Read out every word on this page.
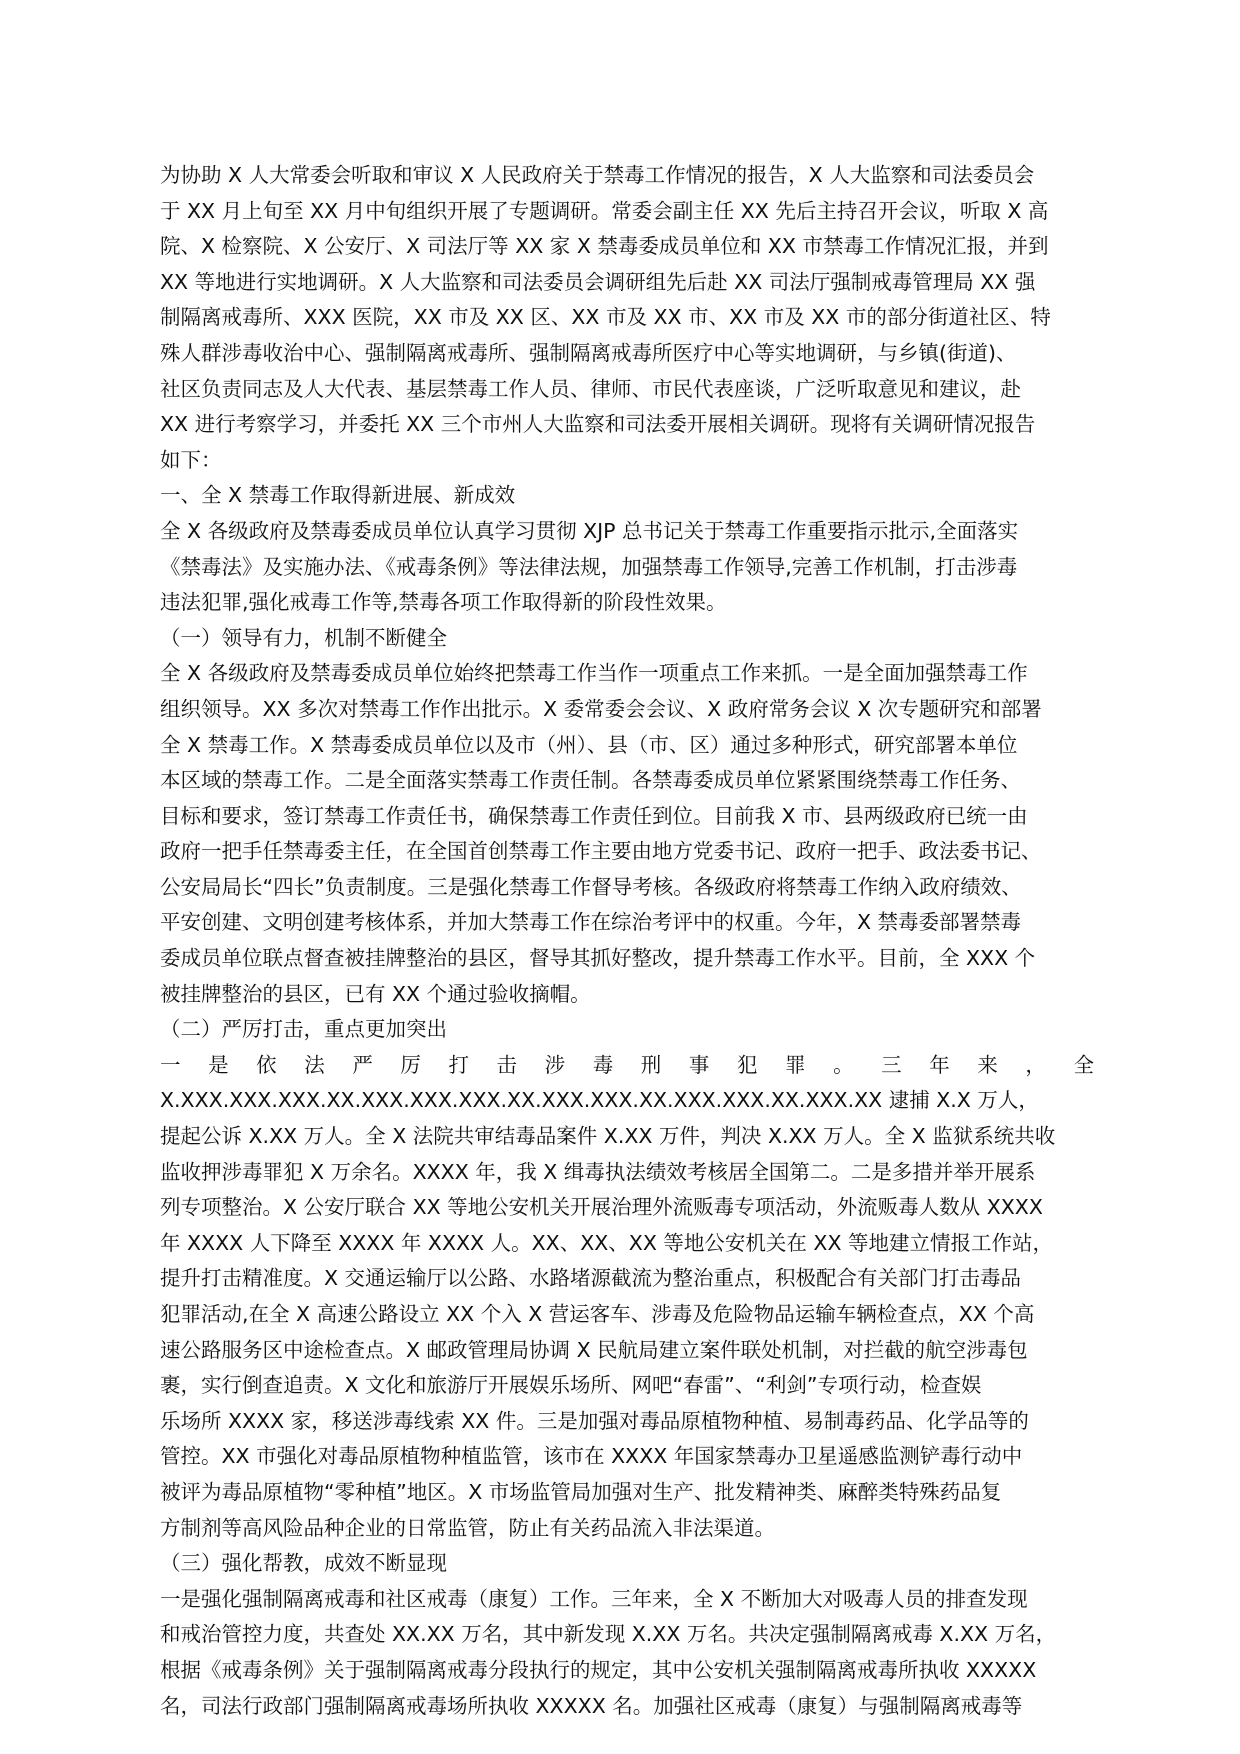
为协助 X 人大常委会听取和审议 X 人民政府关于禁毒工作情况的报告，X 人大监察和司法委员会
于 XX 月上旬至 XX 月中旬组织开展了专题调研。常委会副主任 XX 先后主持召开会议，听取 X 高
院、X 检察院、X 公安厅、X 司法厅等 XX 家 X 禁毒委成员单位和 XX 市禁毒工作情况汇报，并到
XX 等地进行实地调研。X 人大监察和司法委员会调研组先后赴 XX 司法厅强制戒毒管理局 XX 强
制隔离戒毒所、XXX 医院，XX 市及 XX 区、XX 市及 XX 市、XX 市及 XX 市的部分街道社区、特
殊人群涉毒收治中心、强制隔离戒毒所、强制隔离戒毒所医疗中心等实地调研，与乡镇(街道)、
社区负责同志及人大代表、基层禁毒工作人员、律师、市民代表座谈，广泛听取意见和建议，赴
XX 进行考察学习，并委托 XX 三个市州人大监察和司法委开展相关调研。现将有关调研情况报告
如下：
一、全 X 禁毒工作取得新进展、新成效
全 X 各级政府及禁毒委成员单位认真学习贯彻 XJP 总书记关于禁毒工作重要指示批示,全面落实
《禁毒法》及实施办法、《戒毒条例》等法律法规，加强禁毒工作领导,完善工作机制，打击涉毒
违法犯罪,强化戒毒工作等,禁毒各项工作取得新的阶段性效果。
（一）领导有力，机制不断健全
全 X 各级政府及禁毒委成员单位始终把禁毒工作当作一项重点工作来抓。一是全面加强禁毒工作
组织领导。XX 多次对禁毒工作作出批示。X 委常委会会议、X 政府常务会议 X 次专题研究和部署
全 X 禁毒工作。X 禁毒委成员单位以及市（州）、县（市、区）通过多种形式，研究部署本单位
本区域的禁毒工作。二是全面落实禁毒工作责任制。各禁毒委成员单位紧紧围绕禁毒工作任务、
目标和要求，签订禁毒工作责任书，确保禁毒工作责任到位。目前我 X 市、县两级政府已统一由
政府一把手任禁毒委主任，在全国首创禁毒工作主要由地方党委书记、政府一把手、政法委书记、
公安局局长“四长”负责制度。三是强化禁毒工作督导考核。各级政府将禁毒工作纳入政府绩效、
平安创建、文明创建考核体系，并加大禁毒工作在综治考评中的权重。今年，X 禁毒委部署禁毒
委成员单位联点督查被挂牌整治的县区，督导其抓好整改，提升禁毒工作水平。目前，全 XXX 个
被挂牌整治的县区，已有 XX 个通过验收摘帽。
（二）严厉打击，重点更加突出
一 是 依 法 严 厉 打 击 涉 毒 刑 事 犯 罪 。 三 年 来 ， 全
X.XXX.XXX.XXX.XX.XXX.XXX.XXX.XX.XXX.XXX.XX.XXX.XXX.XX.XXX.XX 逮捕 X.X 万人，
提起公诉 X.XX 万人。全 X 法院共审结毒品案件 X.XX 万件，判决 X.XX 万人。全 X 监狱系统共收
监收押涉毒罪犯 X 万余名。XXXX 年，我 X 缉毒执法绩效考核居全国第二。二是多措并举开展系
列专项整治。X 公安厅联合 XX 等地公安机关开展治理外流贩毒专项活动，外流贩毒人数从 XXXX
年 XXXX 人下降至 XXXX 年 XXXX 人。XX、XX、XX 等地公安机关在 XX 等地建立情报工作站，
提升打击精准度。X 交通运输厅以公路、水路堵源截流为整治重点，积极配合有关部门打击毒品
犯罪活动,在全 X 高速公路设立 XX 个入 X 营运客车、涉毒及危险物品运输车辆检查点，XX 个高
速公路服务区中途检查点。X 邮政管理局协调 X 民航局建立案件联处机制，对拦截的航空涉毒包
裹，实行倒查追责。X 文化和旅游厅开展娱乐场所、网吧“春雷”、“利剑”专项行动，检查娱
乐场所 XXXX 家，移送涉毒线索 XX 件。三是加强对毒品原植物种植、易制毒药品、化学品等的
管控。XX 市强化对毒品原植物种植监管，该市在 XXXX 年国家禁毒办卫星遥感监测铲毒行动中
被评为毒品原植物“零种植”地区。X 市场监管局加强对生产、批发精神类、麻醉类特殊药品复
方制剂等高风险品种企业的日常监管，防止有关药品流入非法渠道。
（三）强化帮教，成效不断显现
一是强化强制隔离戒毒和社区戒毒（康复）工作。三年来，全 X 不断加大对吸毒人员的排查发现
和戒治管控力度，共查处 XX.XX 万名，其中新发现 X.XX 万名。共决定强制隔离戒毒 X.XX 万名，
根据《戒毒条例》关于强制隔离戒毒分段执行的规定，其中公安机关强制隔离戒毒所执收 XXXXX
名，司法行政部门强制隔离戒毒场所执收 XXXXX 名。加强社区戒毒（康复）与强制隔离戒毒等
